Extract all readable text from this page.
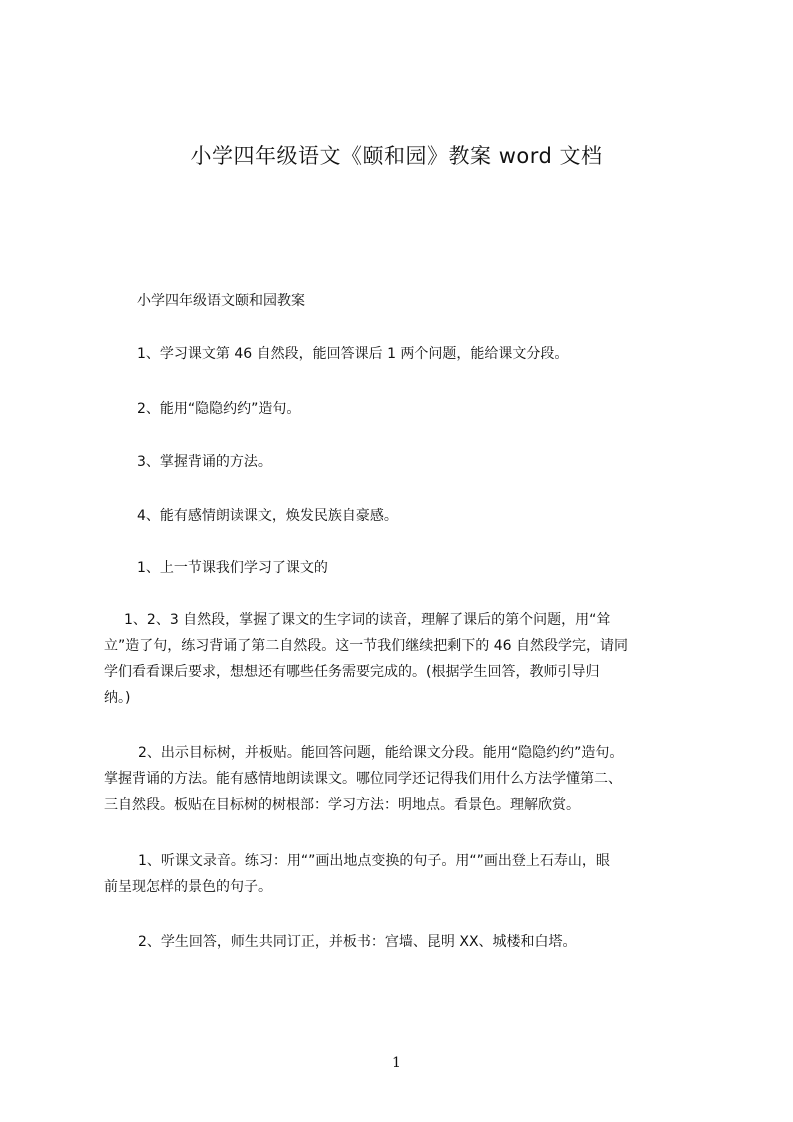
小学四年级语文《颐和园》教案 word 文档
小学四年级语文颐和园教案
1、学习课文第 46 自然段，能回答课后 1 两个问题，能给课文分段。
2、能用“隐隐约约”造句。
3、掌握背诵的方法。
4、能有感情朗读课文，焕发民族自豪感。
1、上一节课我们学习了课文的
1、2、3 自然段，掌握了课文的生字词的读音，理解了课后的第个问题，用“耸
立”造了句，练习背诵了第二自然段。这一节我们继续把剩下的 46 自然段学完，请同
学们看看课后要求，想想还有哪些任务需要完成的。(根据学生回答，教师引导归
纳。)
2、出示目标树，并板贴。能回答问题，能给课文分段。能用“隐隐约约”造句。
掌握背诵的方法。能有感情地朗读课文。哪位同学还记得我们用什么方法学懂第二、
三自然段。板贴在目标树的树根部：学习方法：明地点。看景色。理解欣赏。
1、听课文录音。练习：用“”画出地点变换的句子。用“”画出登上石寿山，眼
前呈现怎样的景色的句子。
2、学生回答，师生共同订正，并板书：宫墙、昆明 XX、城楼和白塔。
1
